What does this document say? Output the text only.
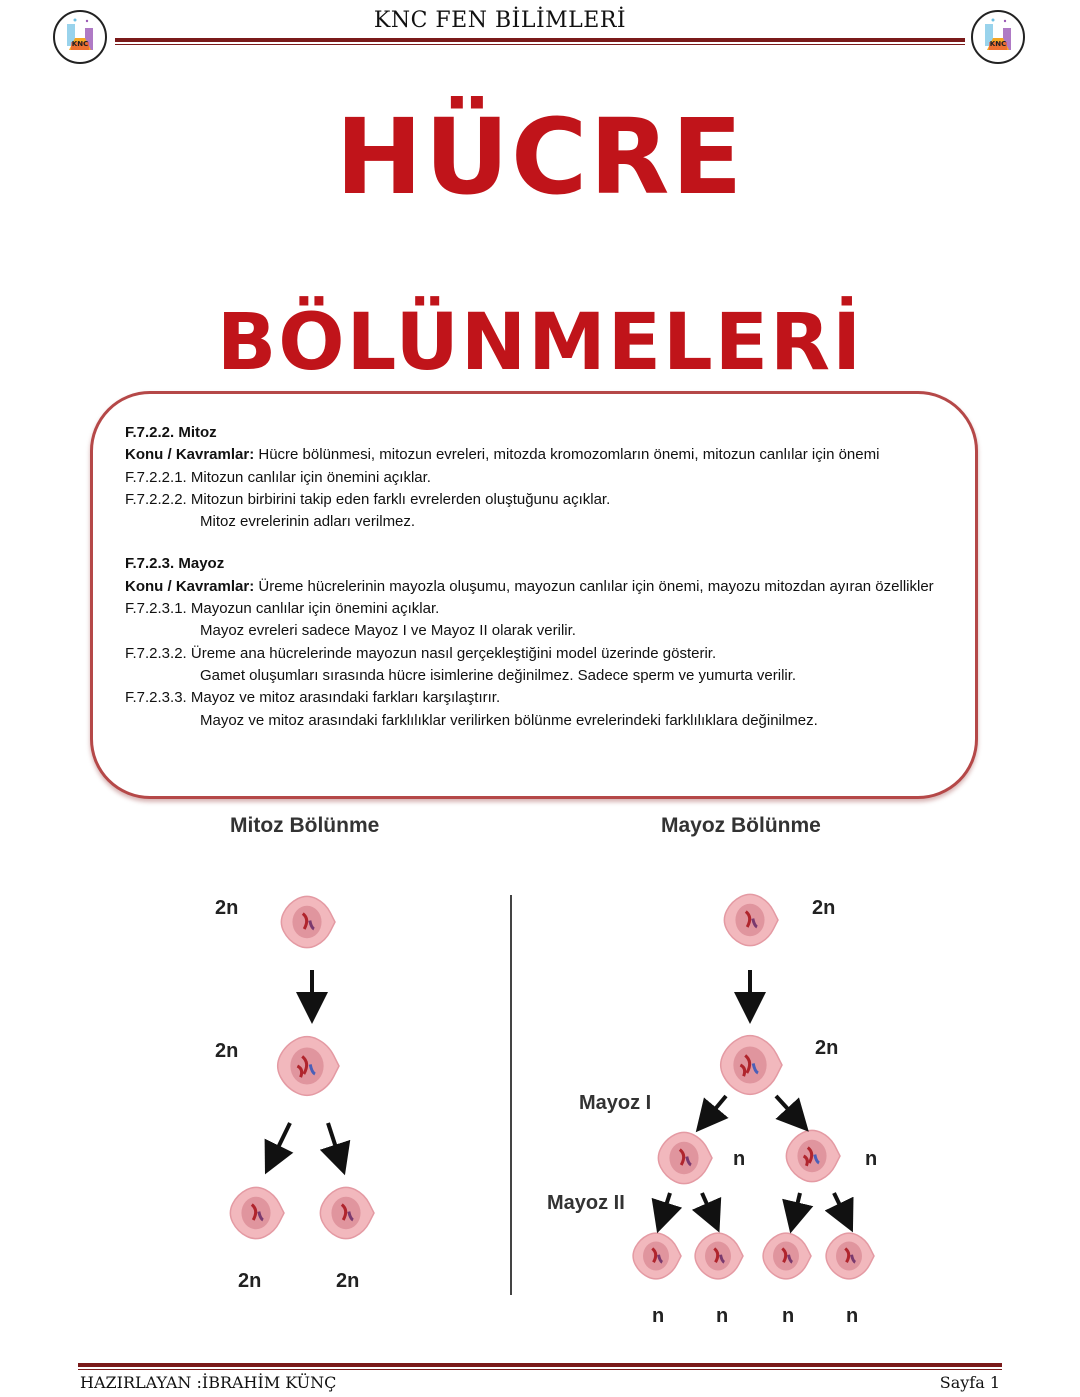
KNC
KNC FEN BİLİMLERİ
KNC
HÜCRE
BÖLÜNMELERİ

F.7.2.2. Mitoz

Konu / Kavramlar: Hücre bölünmesi, mitozun evreleri, mitozda kromozomların önemi, mitozun canlılar için önemi

F.7.2.2.1. Mitozun canlılar için önemini açıklar.

F.7.2.2.2. Mitozun birbirini takip eden farklı evrelerden oluştuğunu açıklar.

Mitoz evrelerinin adları verilmez.

F.7.2.3. Mayoz

Konu / Kavramlar: Üreme hücrelerinin mayozla oluşumu, mayozun canlılar için önemi, mayozu mitozdan ayıran özellikler

F.7.2.3.1. Mayozun canlılar için önemini açıklar.

Mayoz evreleri sadece Mayoz I ve Mayoz II olarak verilir.

F.7.2.3.2. Üreme ana hücrelerinde mayozun nasıl gerçekleştiğini model üzerinde gösterir.

Gamet oluşumları sırasında hücre isimlerine değinilmez. Sadece sperm ve yumurta verilir.

F.7.2.3.3. Mayoz ve mitoz arasındaki farkları karşılaştırır.

Mayoz ve mitoz arasındaki farklılıklar verilirken bölünme evrelerindeki farklılıklara değinilmez.

Mitoz Bölünme	Mayoz Bölünme
2n
2n
2n	2n
2n
2n
n	n
n	n	n	n
Mayoz I
Mayoz II
HAZIRLAYAN :İBRAHİM KÜNÇ	Sayfa 1
